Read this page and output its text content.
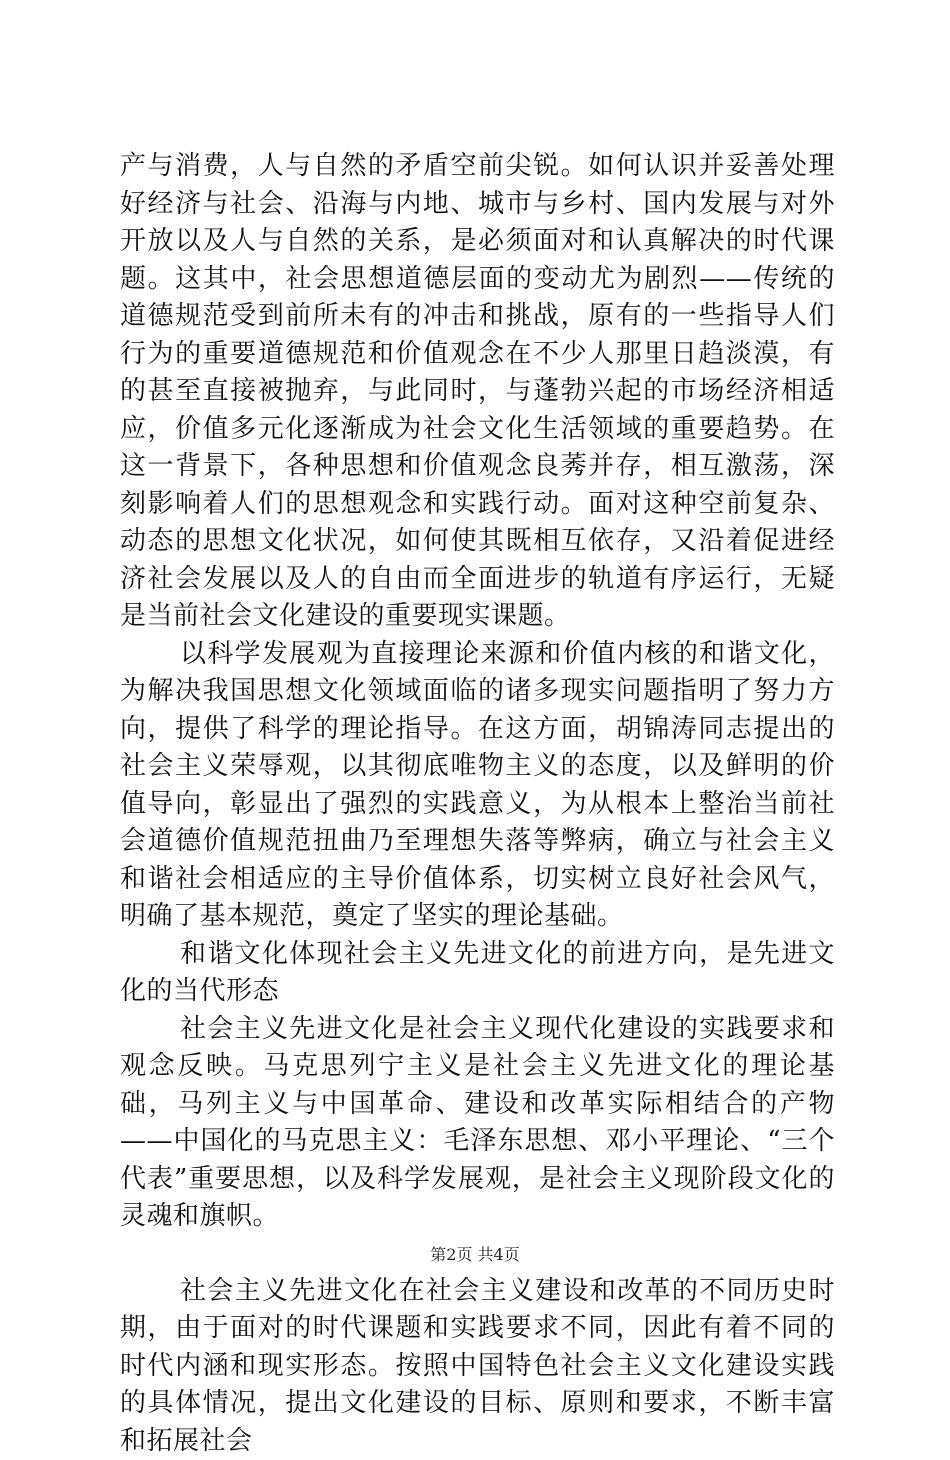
产与消费，人与自然的矛盾空前尖锐。如何认识并妥善处理好经济与社会、沿海与内地、城市与乡村、国内发展与对外开放以及人与自然的关系，是必须面对和认真解决的时代课题。这其中，社会思想道德层面的变动尤为剧烈——传统的道德规范受到前所未有的冲击和挑战，原有的一些指导人们行为的重要道德规范和价值观念在不少人那里日趋淡漠，有的甚至直接被抛弃，与此同时，与蓬勃兴起的市场经济相适应，价值多元化逐渐成为社会文化生活领域的重要趋势。在这一背景下，各种思想和价值观念良莠并存，相互激荡，深刻影响着人们的思想观念和实践行动。面对这种空前复杂、动态的思想文化状况，如何使其既相互依存，又沿着促进经济社会发展以及人的自由而全面进步的轨道有序运行，无疑是当前社会文化建设的重要现实课题。

以科学发展观为直接理论来源和价值内核的和谐文化，为解决我国思想文化领域面临的诸多现实问题指明了努力方向，提供了科学的理论指导。在这方面，胡锦涛同志提出的社会主义荣辱观，以其彻底唯物主义的态度，以及鲜明的价值导向，彰显出了强烈的实践意义，为从根本上整治当前社会道德价值规范扭曲乃至理想失落等弊病，确立与社会主义和谐社会相适应的主导价值体系，切实树立良好社会风气，明确了基本规范，奠定了坚实的理论基础。

和谐文化体现社会主义先进文化的前进方向，是先进文化的当代形态

社会主义先进文化是社会主义现代化建设的实践要求和观念反映。马克思列宁主义是社会主义先进文化的理论基础，马列主义与中国革命、建设和改革实际相结合的产物——中国化的马克思主义：毛泽东思想、邓小平理论、“三个代表”重要思想，以及科学发展观，是社会主义现阶段文化的灵魂和旗帜。

社会主义先进文化在社会主义建设和改革的不同历史时期，由于面对的时代课题和实践要求不同，因此有着不同的时代内涵和现实形态。按照中国特色社会主义文化建设实践的具体情况，提出文化建设的目标、原则和要求，不断丰富和拓展社会

第2页 共4页
